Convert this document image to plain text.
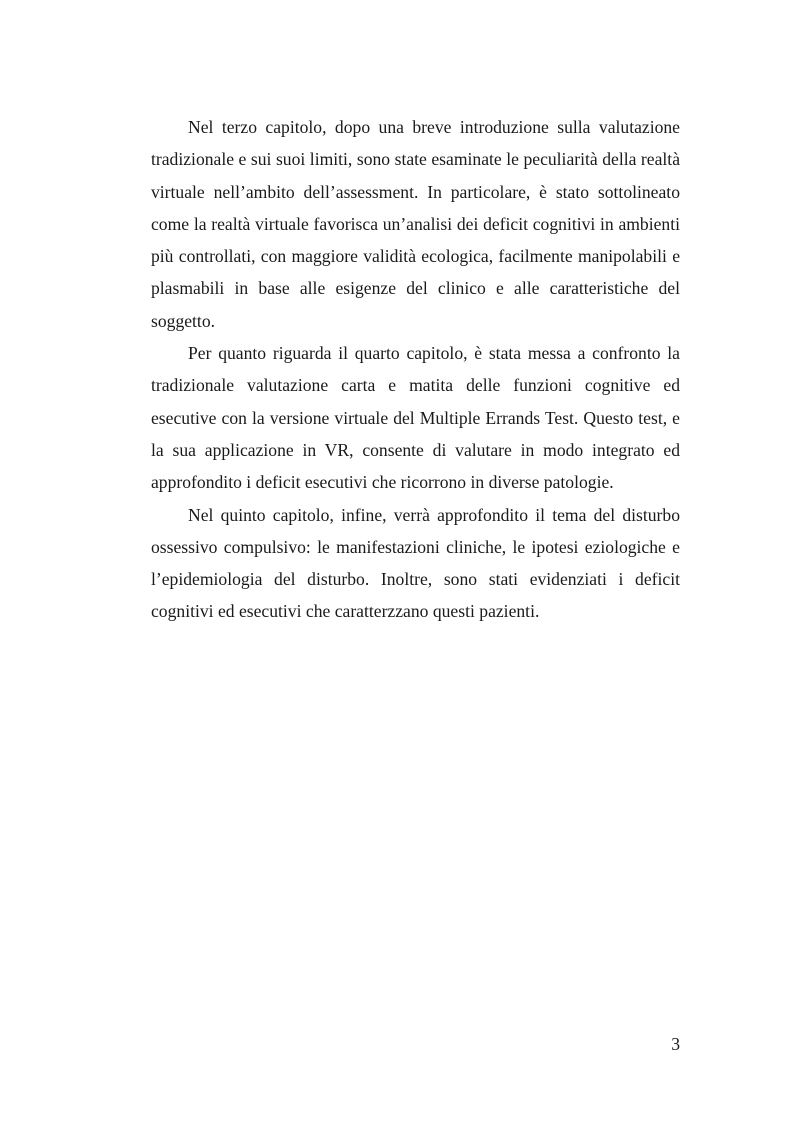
Nel terzo capitolo, dopo una breve introduzione sulla valutazione tradizionale e sui suoi limiti, sono state esaminate le peculiarità della realtà virtuale nell’ambito dell’assessment. In particolare, è stato sottolineato come la realtà virtuale favorisca un’analisi dei deficit cognitivi in ambienti più controllati, con maggiore validità ecologica, facilmente manipolabili e plasmabili in base alle esigenze del clinico e alle caratteristiche del soggetto.

Per quanto riguarda il quarto capitolo, è stata messa a confronto la tradizionale valutazione carta e matita delle funzioni cognitive ed esecutive con la versione virtuale del Multiple Errands Test. Questo test, e la sua applicazione in VR, consente di valutare in modo integrato ed approfondito i deficit esecutivi che ricorrono in diverse patologie.

Nel quinto capitolo, infine, verrà approfondito il tema del disturbo ossessivo compulsivo: le manifestazioni cliniche, le ipotesi eziologiche e l’epidemiologia del disturbo. Inoltre, sono stati evidenziati i deficit cognitivi ed esecutivi che caratterzzano questi pazienti.

3
